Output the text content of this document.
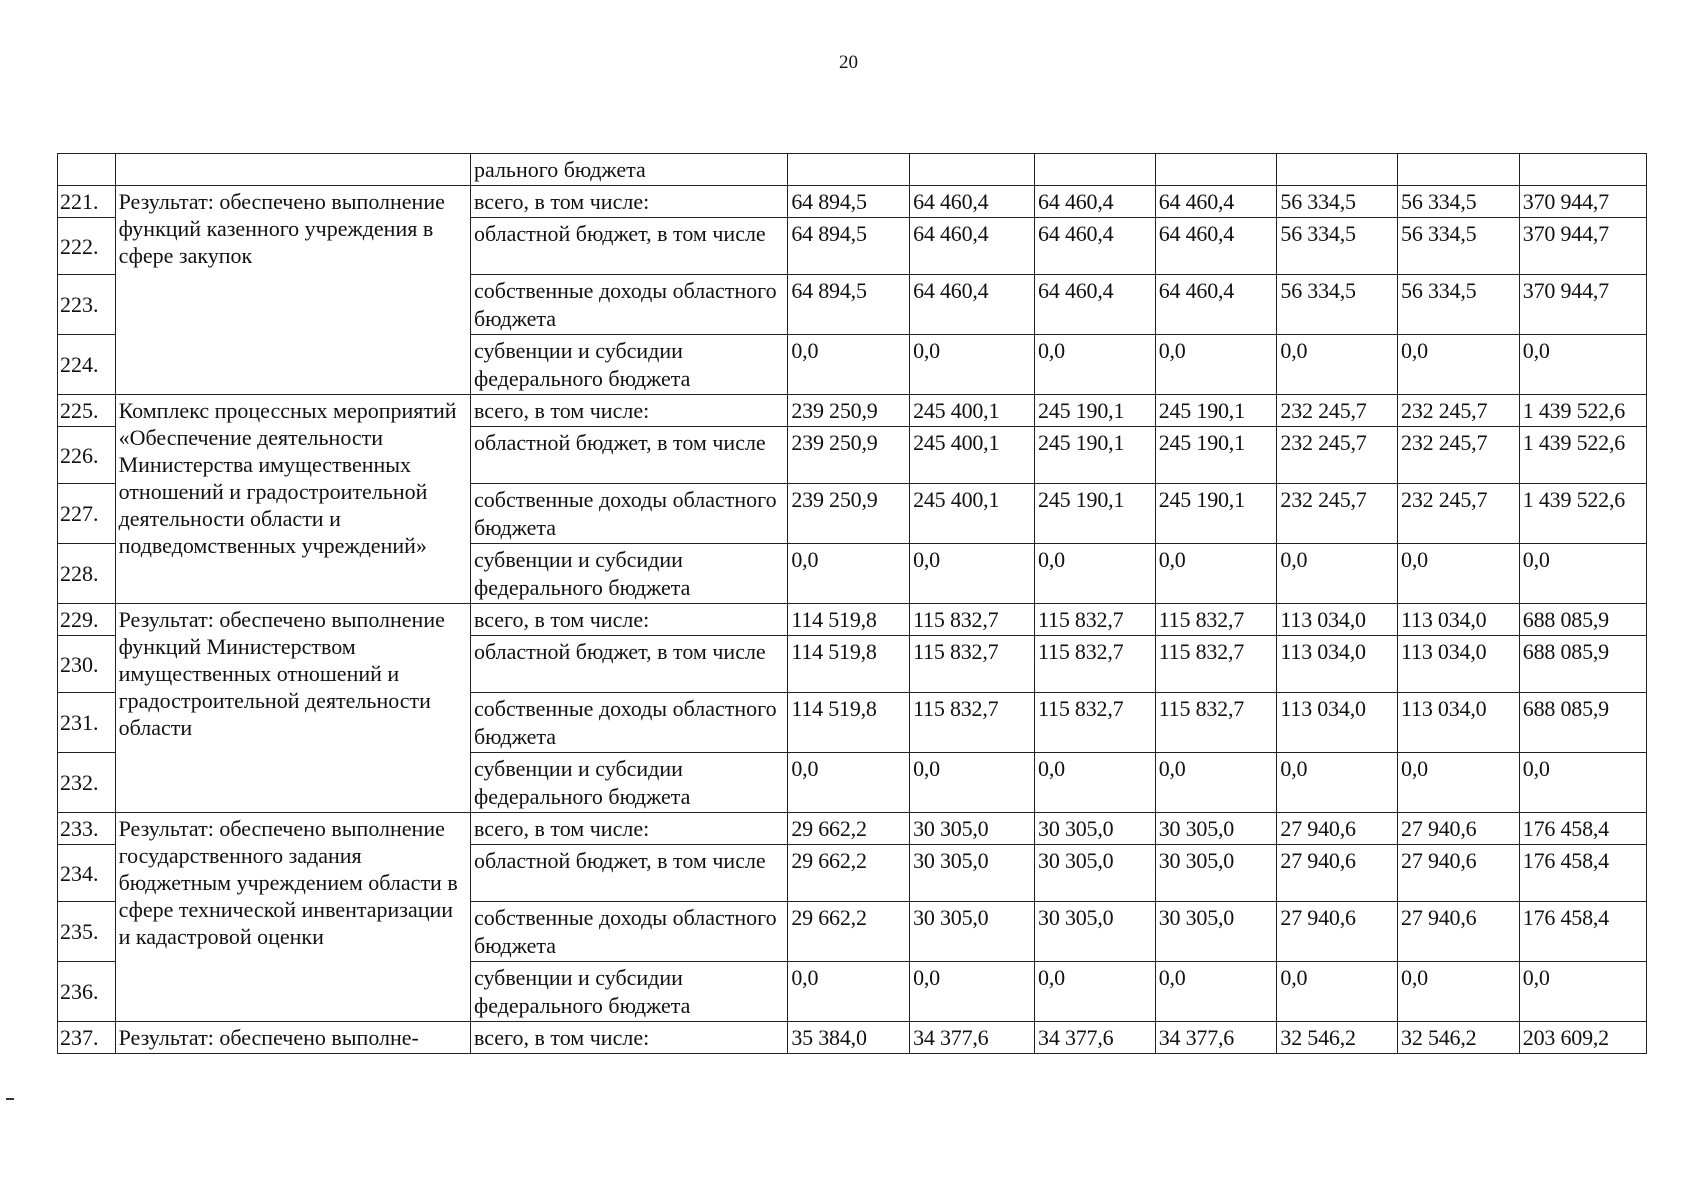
20
		рального бюджета							
221.	Результат: обеспечено выполнение функций казенного учреждения в сфере закупок	всего, в том числе:	64 894,5	64 460,4	64 460,4	64 460,4	56 334,5	56 334,5	370 944,7
222.		областной бюджет, в том числе	64 894,5	64 460,4	64 460,4	64 460,4	56 334,5	56 334,5	370 944,7
223.		собственные доходы областного бюджета	64 894,5	64 460,4	64 460,4	64 460,4	56 334,5	56 334,5	370 944,7
224.		субвенции и субсидии федерального бюджета	0,0	0,0	0,0	0,0	0,0	0,0	0,0
225.	Комплекс процессных мероприятий «Обеспечение деятельности Министерства имущественных отношений и градостроительной деятельности области и подведомственных учреждений»	всего, в том числе:	239 250,9	245 400,1	245 190,1	245 190,1	232 245,7	232 245,7	1 439 522,6
226.		областной бюджет, в том числе	239 250,9	245 400,1	245 190,1	245 190,1	232 245,7	232 245,7	1 439 522,6
227.		собственные доходы областного бюджета	239 250,9	245 400,1	245 190,1	245 190,1	232 245,7	232 245,7	1 439 522,6
228.		субвенции и субсидии федерального бюджета	0,0	0,0	0,0	0,0	0,0	0,0	0,0
229.	Результат: обеспечено выполнение функций Министерством имущественных отношений и градостроительной деятельности области	всего, в том числе:	114 519,8	115 832,7	115 832,7	115 832,7	113 034,0	113 034,0	688 085,9
230.		областной бюджет, в том числе	114 519,8	115 832,7	115 832,7	115 832,7	113 034,0	113 034,0	688 085,9
231.		собственные доходы областного бюджета	114 519,8	115 832,7	115 832,7	115 832,7	113 034,0	113 034,0	688 085,9
232.		субвенции и субсидии федерального бюджета	0,0	0,0	0,0	0,0	0,0	0,0	0,0
233.	Результат: обеспечено выполнение государственного задания бюджетным учреждением области в сфере технической инвентаризации и кадастровой оценки	всего, в том числе:	29 662,2	30 305,0	30 305,0	30 305,0	27 940,6	27 940,6	176 458,4
234.		областной бюджет, в том числе	29 662,2	30 305,0	30 305,0	30 305,0	27 940,6	27 940,6	176 458,4
235.		собственные доходы областного бюджета	29 662,2	30 305,0	30 305,0	30 305,0	27 940,6	27 940,6	176 458,4
236.		субвенции и субсидии федерального бюджета	0,0	0,0	0,0	0,0	0,0	0,0	0,0
237.	Результат: обеспечено выполне-	всего, в том числе:	35 384,0	34 377,6	34 377,6	34 377,6	32 546,2	32 546,2	203 609,2
